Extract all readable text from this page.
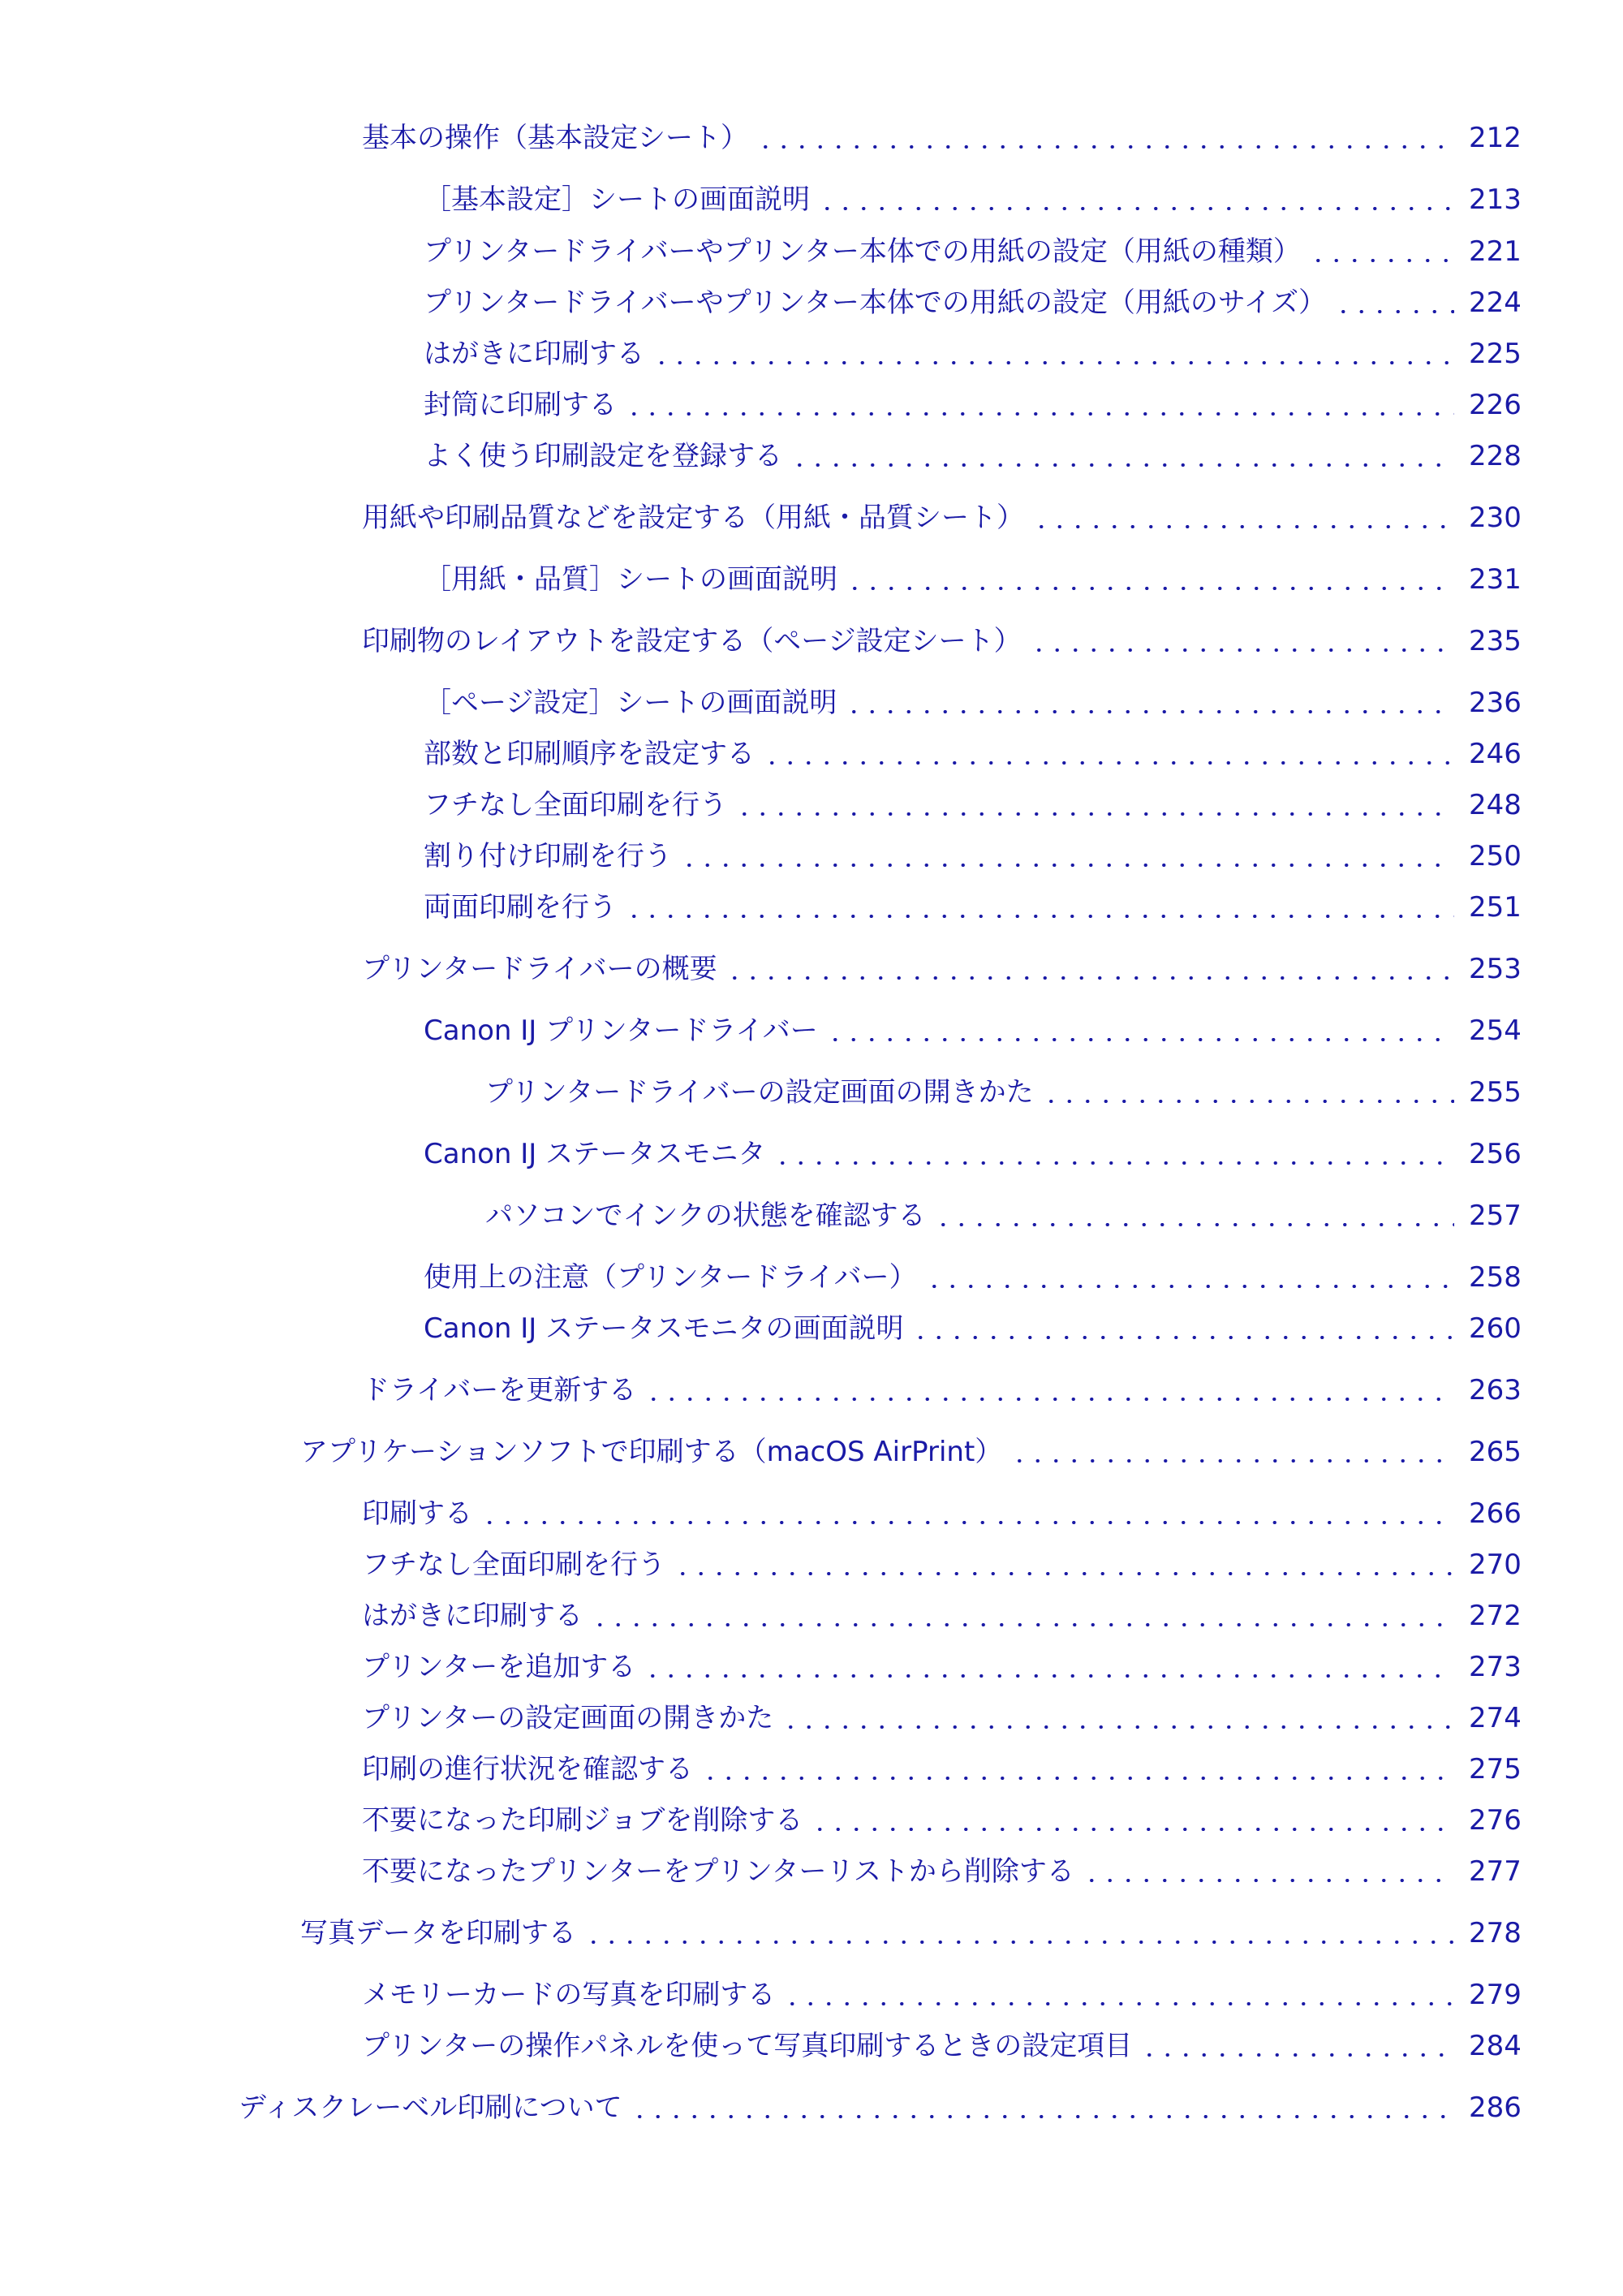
基本の操作（基本設定シート）	212
［基本設定］シートの画面説明	213
プリンタードライバーやプリンター本体での用紙の設定（用紙の種類）	221
プリンタードライバーやプリンター本体での用紙の設定（用紙のサイズ）	224
はがきに印刷する	225
封筒に印刷する	226
よく使う印刷設定を登録する	228
用紙や印刷品質などを設定する（用紙・品質シート）	230
［用紙・品質］シートの画面説明	231
印刷物のレイアウトを設定する（ページ設定シート）	235
［ページ設定］シートの画面説明	236
部数と印刷順序を設定する	246
フチなし全面印刷を行う	248
割り付け印刷を行う	250
両面印刷を行う	251
プリンタードライバーの概要	253
Canon IJ プリンタードライバー	254
プリンタードライバーの設定画面の開きかた	255
Canon IJ ステータスモニタ	256
パソコンでインクの状態を確認する	257
使用上の注意（プリンタードライバー）	258
Canon IJ ステータスモニタの画面説明	260
ドライバーを更新する	263
アプリケーションソフトで印刷する（macOS AirPrint）	265
印刷する	266
フチなし全面印刷を行う	270
はがきに印刷する	272
プリンターを追加する	273
プリンターの設定画面の開きかた	274
印刷の進行状況を確認する	275
不要になった印刷ジョブを削除する	276
不要になったプリンターをプリンターリストから削除する	277
写真データを印刷する	278
メモリーカードの写真を印刷する	279
プリンターの操作パネルを使って写真印刷するときの設定項目	284
ディスクレーベル印刷について	286
